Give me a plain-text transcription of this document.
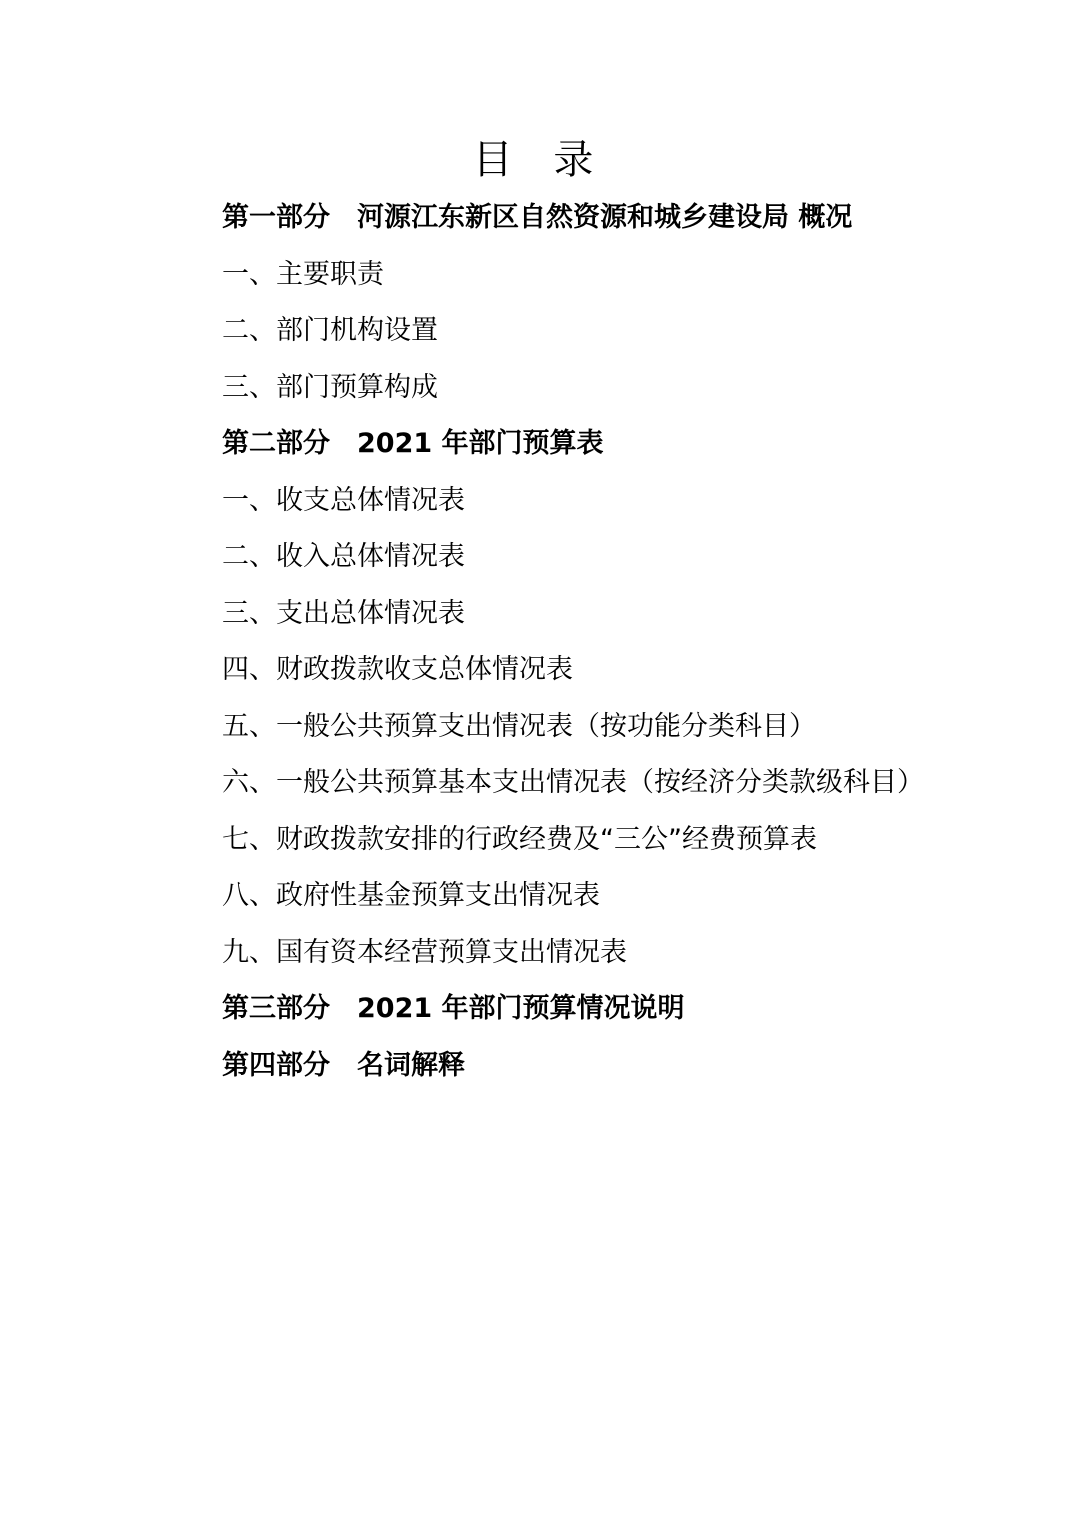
目 录
第一部分　河源江东新区自然资源和城乡建设局 概况
一、主要职责
二、部门机构设置
三、部门预算构成
第二部分　2021 年部门预算表
一、收支总体情况表
二、收入总体情况表
三、支出总体情况表
四、财政拨款收支总体情况表
五、一般公共预算支出情况表（按功能分类科目）
六、一般公共预算基本支出情况表（按经济分类款级科目）
七、财政拨款安排的行政经费及“三公”经费预算表
八、政府性基金预算支出情况表
九、国有资本经营预算支出情况表
第三部分　2021 年部门预算情况说明
第四部分　名词解释
